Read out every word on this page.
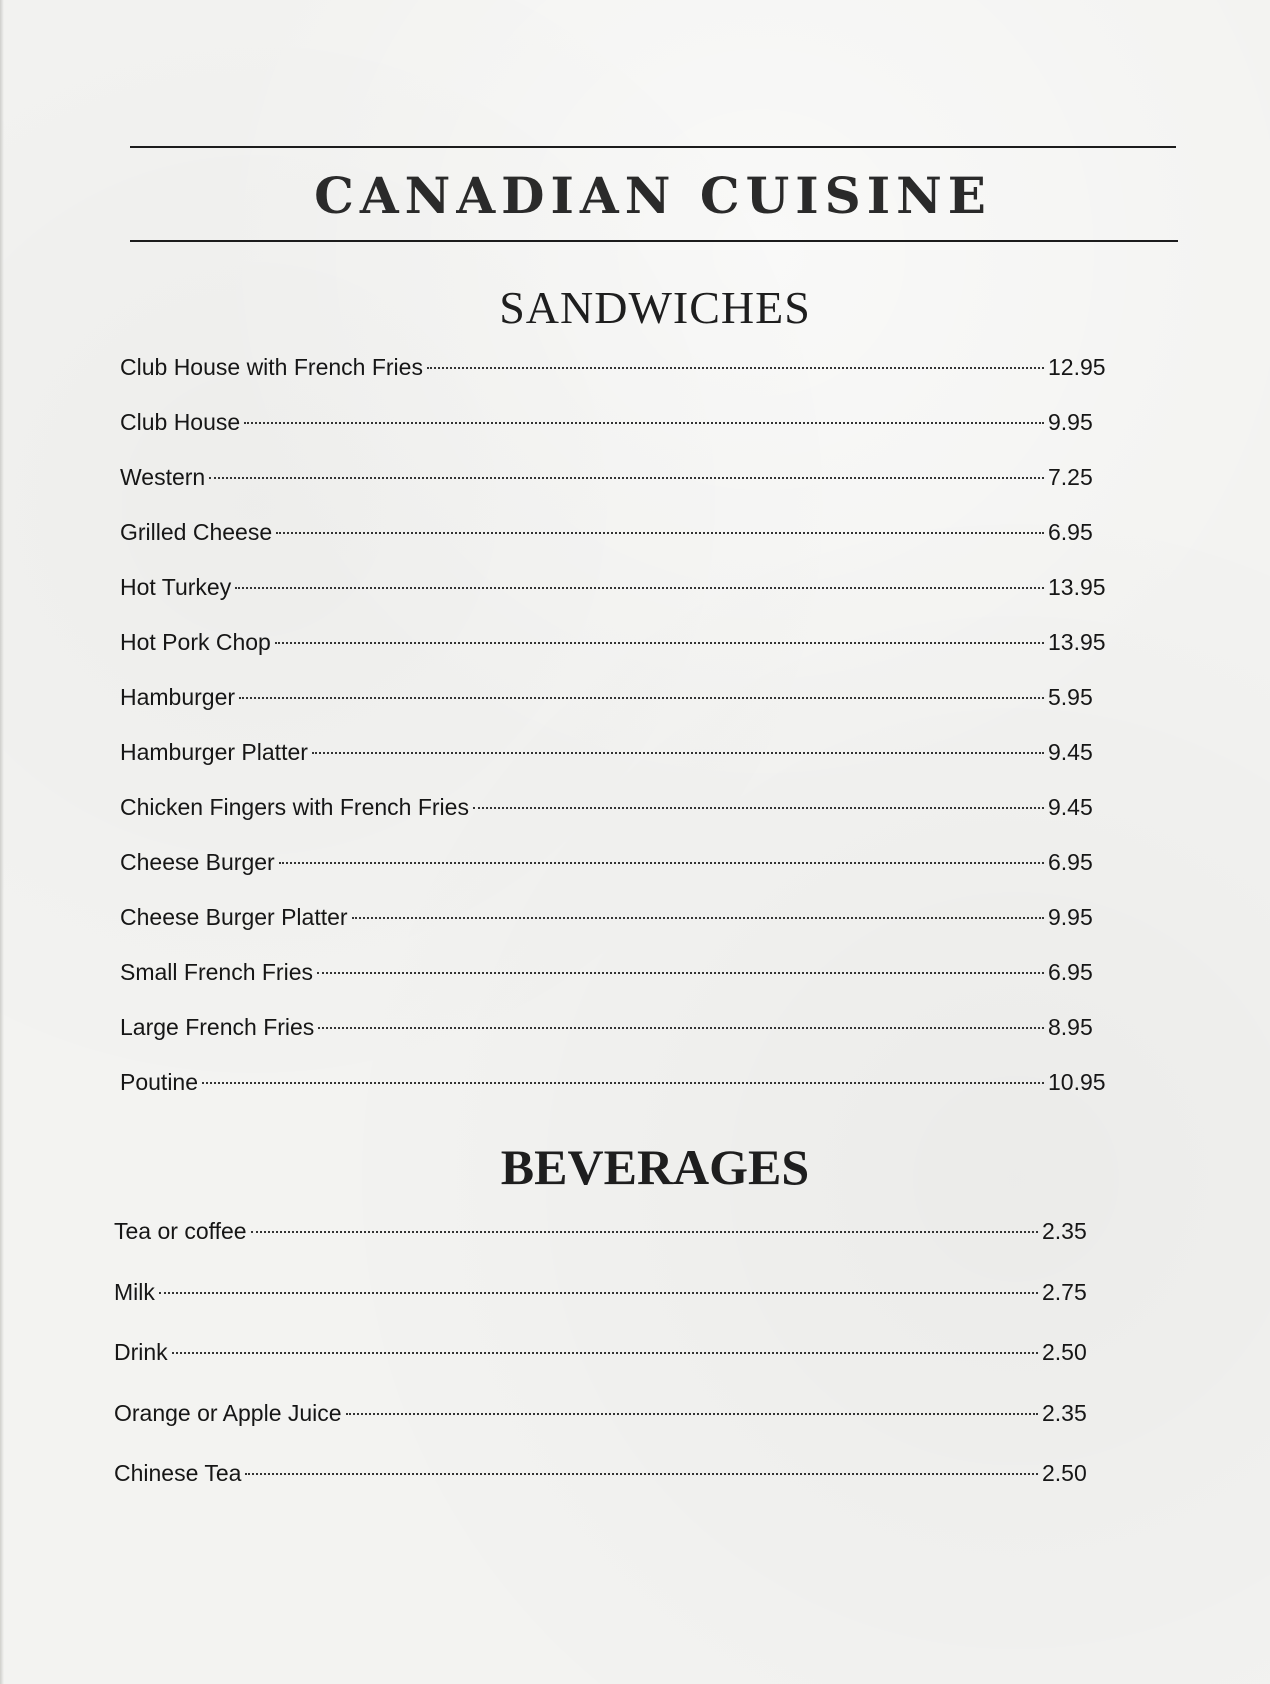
CANADIAN CUISINE
SANDWICHES
Club House with French Fries	12.95
Club House	9.95
Western	7.25
Grilled Cheese	6.95
Hot Turkey	13.95
Hot Pork Chop	13.95
Hamburger	5.95
Hamburger Platter	9.45
Chicken Fingers with French Fries	9.45
Cheese Burger	6.95
Cheese Burger Platter	9.95
Small French Fries	6.95
Large French Fries	8.95
Poutine	10.95
BEVERAGES
Tea or coffee	2.35
Milk	2.75
Drink	2.50
Orange or Apple Juice	2.35
Chinese Tea	2.50
